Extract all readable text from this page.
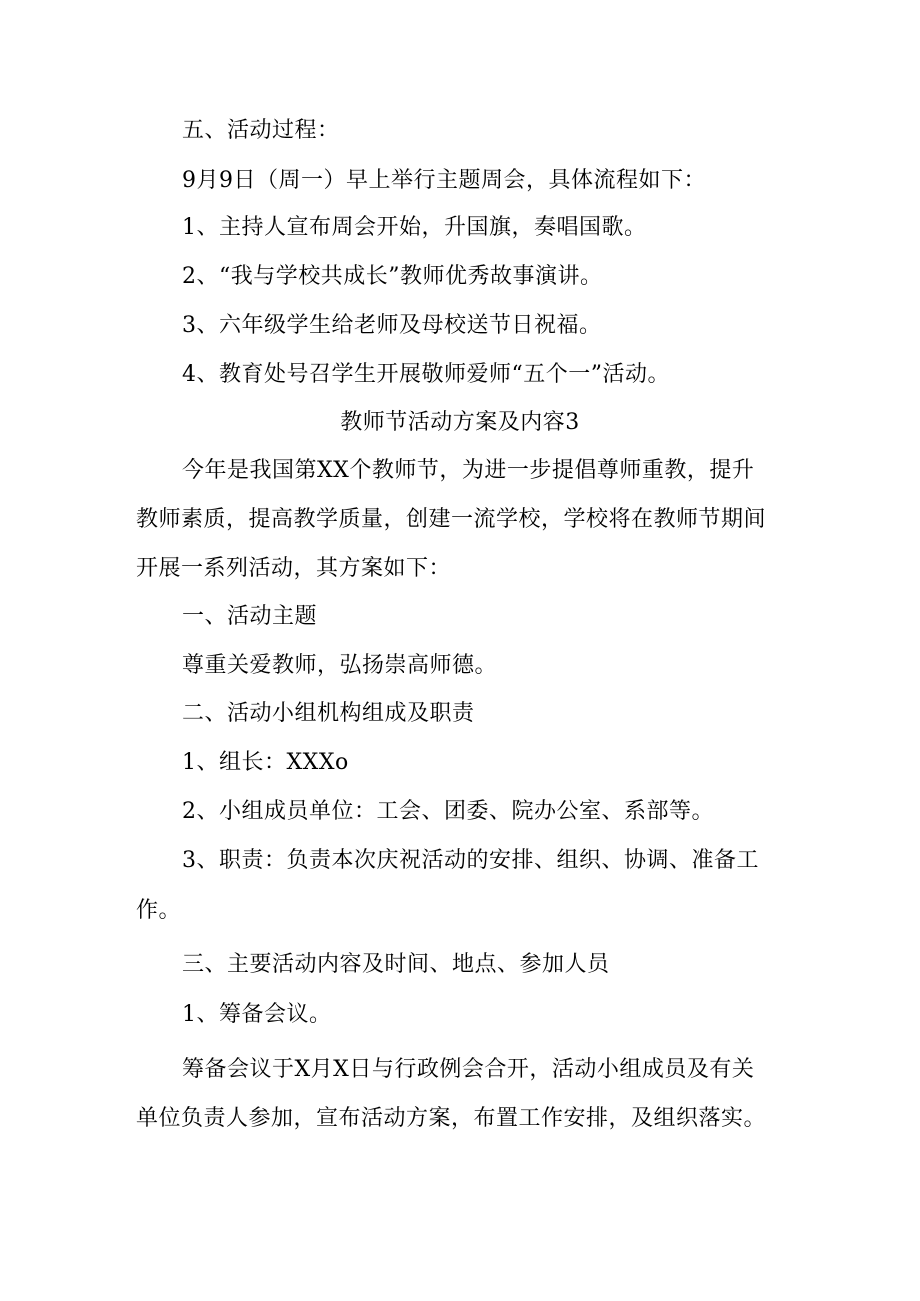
五、活动过程：
9月9日（周一）早上举行主题周会，具体流程如下：
1、主持人宣布周会开始，升国旗，奏唱国歌。
2、“我与学校共成长”教师优秀故事演讲。
3、六年级学生给老师及母校送节日祝福。
4、教育处号召学生开展敬师爱师“五个一”活动。
教师节活动方案及内容3
今年是我国第XX个教师节，为进一步提倡尊师重教，提升
教师素质，提高教学质量，创建一流学校，学校将在教师节期间
开展一系列活动，其方案如下：
一、活动主题
尊重关爱教师，弘扬崇高师德。
二、活动小组机构组成及职责
1、组长：XXXo
2、小组成员单位：工会、团委、院办公室、系部等。
3、职责：负责本次庆祝活动的安排、组织、协调、准备工
作。
三、主要活动内容及时间、地点、参加人员
1、筹备会议。
筹备会议于X月X日与行政例会合开，活动小组成员及有关
单位负责人参加，宣布活动方案，布置工作安排，及组织落实。
